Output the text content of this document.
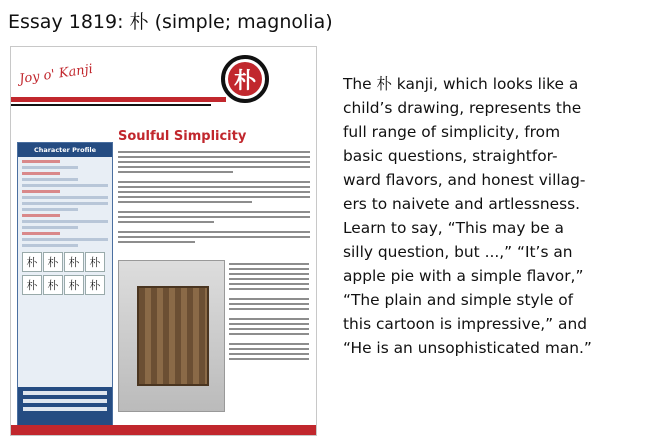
Essay 1819: 朴 (simple; magnolia)
Joy o' Kanji	朴
Character Profile
朴 朴 朴 朴
朴 朴 朴 朴
Soulful Simplicity

The 朴 kanji, which looks like a

child’s drawing, represents the

full range of simplicity, from

basic questions, straightfor-

ward flavors, and honest villag-

ers to naivete and artlessness.

Learn to say, “This may be a

silly question, but ...,” “It’s an

apple pie with a simple flavor,”

“The plain and simple style of

this cartoon is impressive,” and

“He is an unsophisticated man.”
